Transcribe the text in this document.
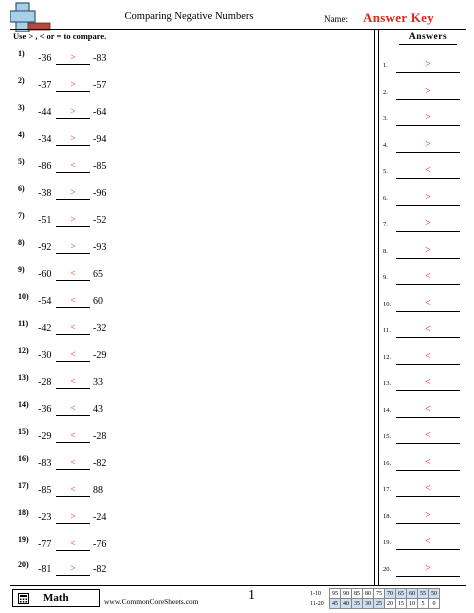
Comparing Negative Numbers	Name: Answer Key
Use > , < or = to compare.
1) -36	>	-83
2) -37	>	-57
3) -44	>	-64
4) -34	>	-94
5) -86	<	-85
6) -38	>	-96
7) -51	>	-52
8) -92	>	-93
9) -60	<	65
10) -54	<	60
11) -42	<	-32
12) -30	<	-29
13) -28	<	33
14) -36	<	43
15) -29	<	-28
16) -83	<	-82
17) -85	<	88
18) -23	>	-24
19) -77	<	-76
20) -81	>	-82
Answers
1.	>
2.	>
3.	>
4.	>
5.	<
6.	>
7.	>
8.	>
9.	<
10.	<
11.	<
12.	<
13.	<
14.	<
15.	<
16.	<
17.	<
18.	>
19.	<
20.	>
Math	www.CommonCoreSheets.com	1	1-10	95	90	85	80	75	70	65	60	55	50
11-20	45	40	35	30	25	20	15	10	5	0
